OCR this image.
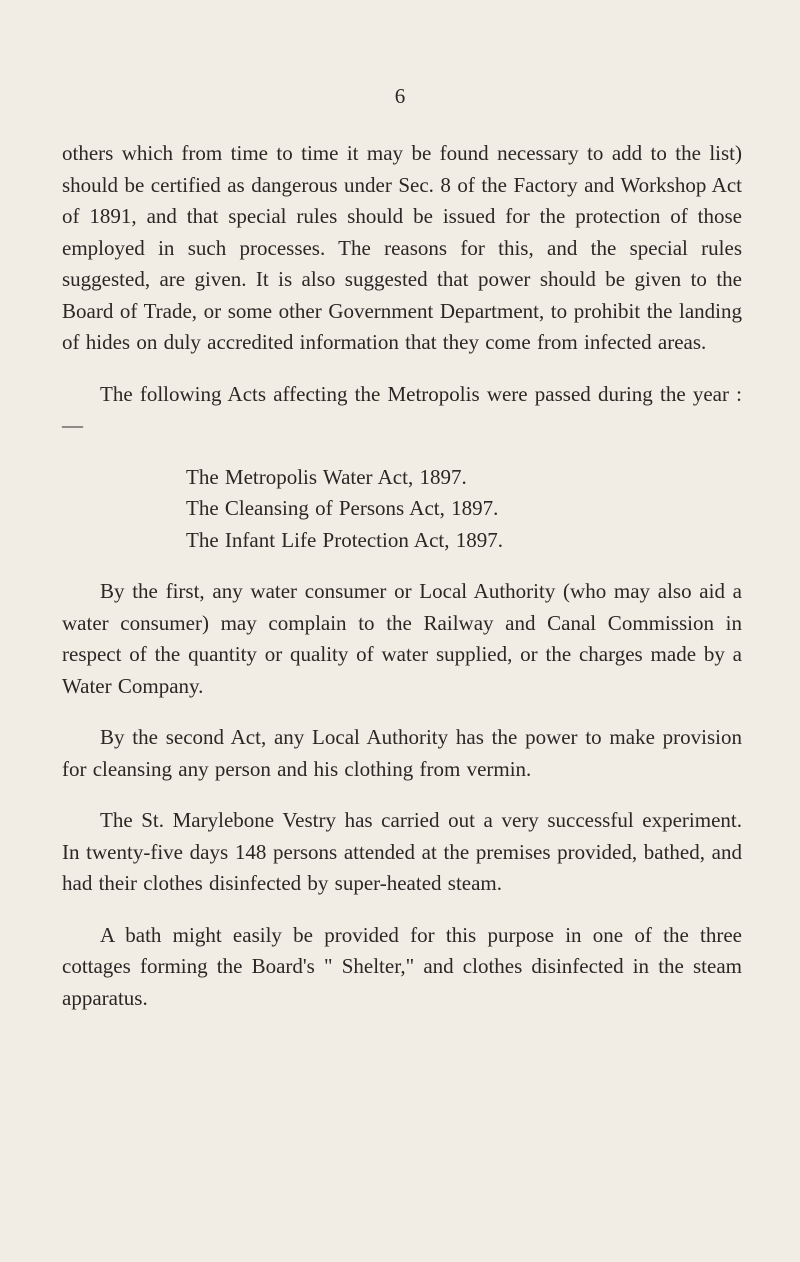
6

others which from time to time it may be found necessary to add to the list) should be certified as dangerous under Sec. 8 of the Factory and Workshop Act of 1891, and that special rules should be issued for the protection of those employed in such processes. The reasons for this, and the special rules suggested, are given. It is also suggested that power should be given to the Board of Trade, or some other Government Department, to prohibit the landing of hides on duly accredited information that they come from infected areas.

The following Acts affecting the Metropolis were passed during the year :—

The Metropolis Water Act, 1897.
The Cleansing of Persons Act, 1897.
The Infant Life Protection Act, 1897.

By the first, any water consumer or Local Authority (who may also aid a water consumer) may complain to the Railway and Canal Commission in respect of the quantity or quality of water supplied, or the charges made by a Water Company.

By the second Act, any Local Authority has the power to make provision for cleansing any person and his clothing from vermin.

The St. Marylebone Vestry has carried out a very successful experiment. In twenty-five days 148 persons attended at the premises provided, bathed, and had their clothes disinfected by super-heated steam.

A bath might easily be provided for this purpose in one of the three cottages forming the Board's " Shelter," and clothes disinfected in the steam apparatus.
